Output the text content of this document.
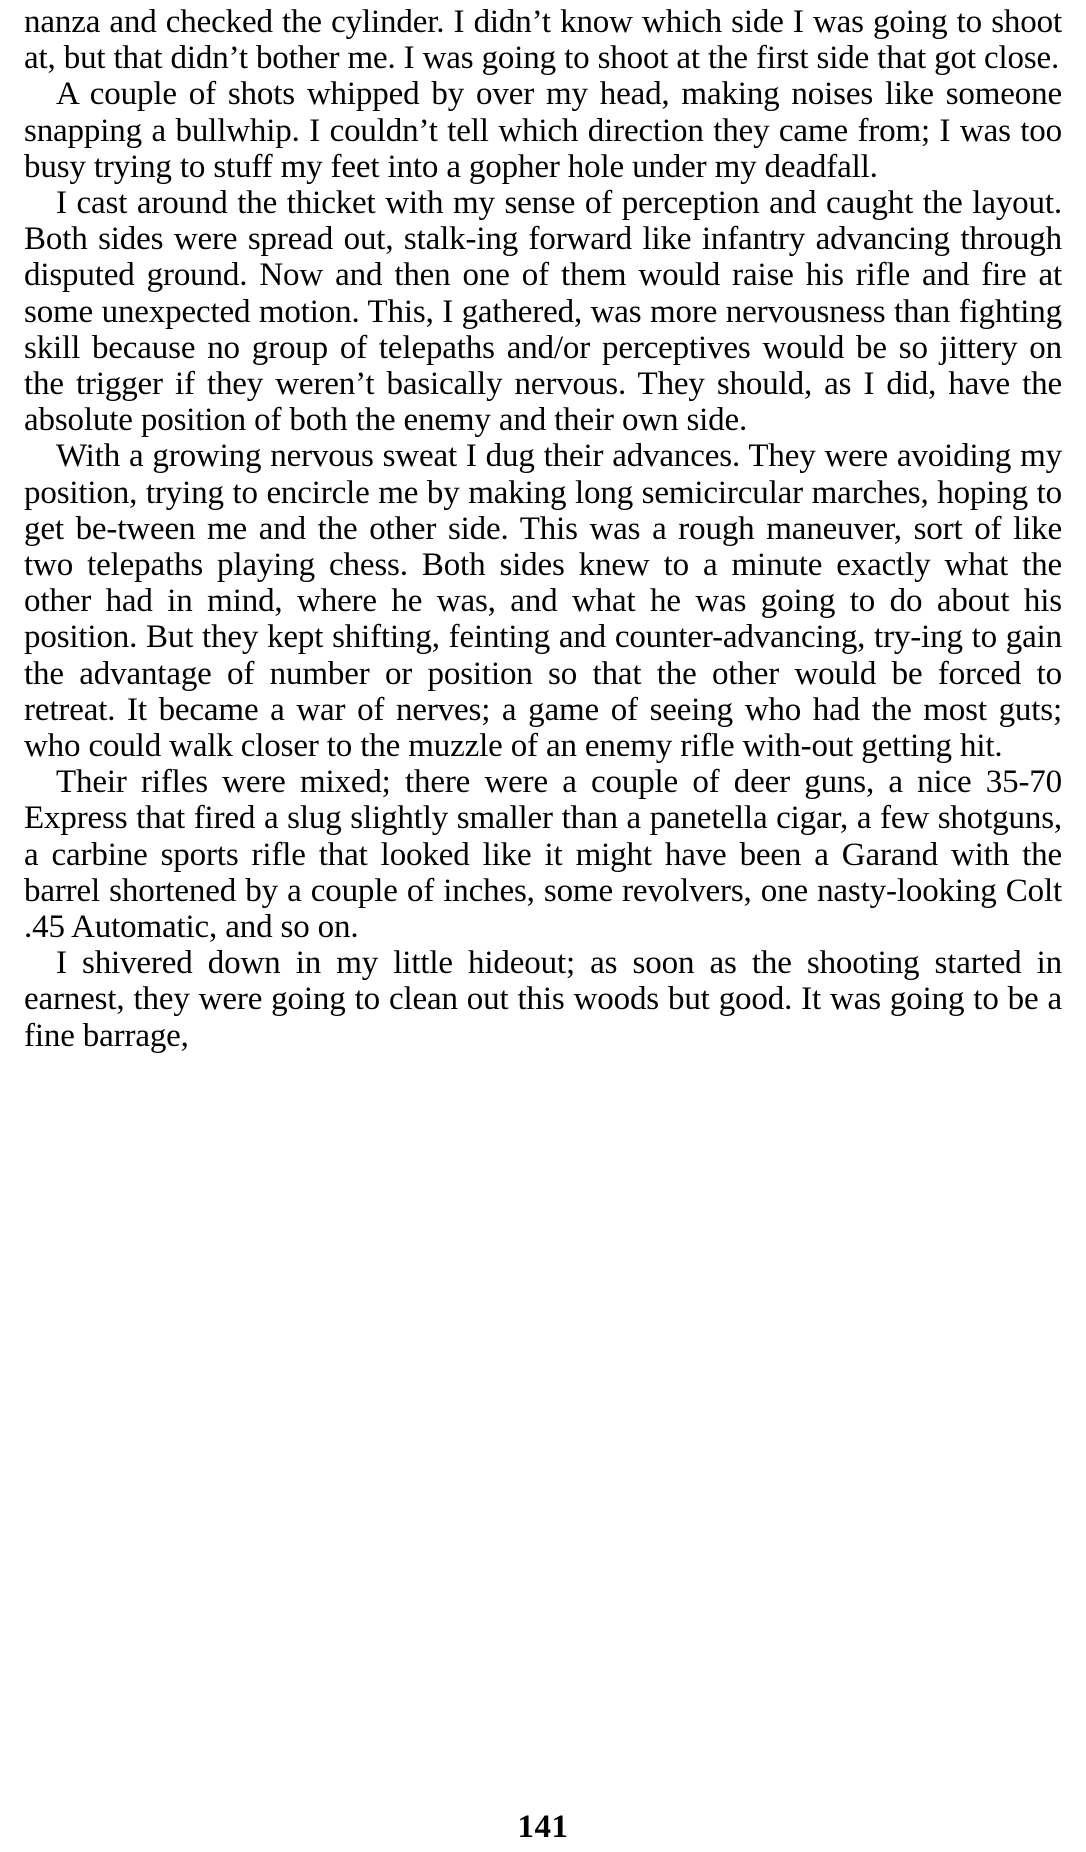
nanza and checked the cylinder. I didn’t know which side I was going to shoot at, but that didn’t bother me. I was going to shoot at the first side that got close.

A couple of shots whipped by over my head, making noises like someone snapping a bullwhip. I couldn’t tell which direction they came from; I was too busy trying to stuff my feet into a gopher hole under my deadfall.

I cast around the thicket with my sense of perception and caught the layout. Both sides were spread out, stalk-ing forward like infantry advancing through disputed ground. Now and then one of them would raise his rifle and fire at some unexpected motion. This, I gathered, was more nervousness than fighting skill because no group of telepaths and/or perceptives would be so jittery on the trigger if they weren’t basically nervous. They should, as I did, have the absolute position of both the enemy and their own side.

With a growing nervous sweat I dug their advances. They were avoiding my position, trying to encircle me by making long semicircular marches, hoping to get be-tween me and the other side. This was a rough maneuver, sort of like two telepaths playing chess. Both sides knew to a minute exactly what the other had in mind, where he was, and what he was going to do about his position. But they kept shifting, feinting and counter-advancing, try-ing to gain the advantage of number or position so that the other would be forced to retreat. It became a war of nerves; a game of seeing who had the most guts; who could walk closer to the muzzle of an enemy rifle with-out getting hit.

Their rifles were mixed; there were a couple of deer guns, a nice 35-70 Express that fired a slug slightly smaller than a panetella cigar, a few shotguns, a carbine sports rifle that looked like it might have been a Garand with the barrel shortened by a couple of inches, some revolvers, one nasty-looking Colt .45 Automatic, and so on.

I shivered down in my little hideout; as soon as the shooting started in earnest, they were going to clean out this woods but good. It was going to be a fine barrage,

141
